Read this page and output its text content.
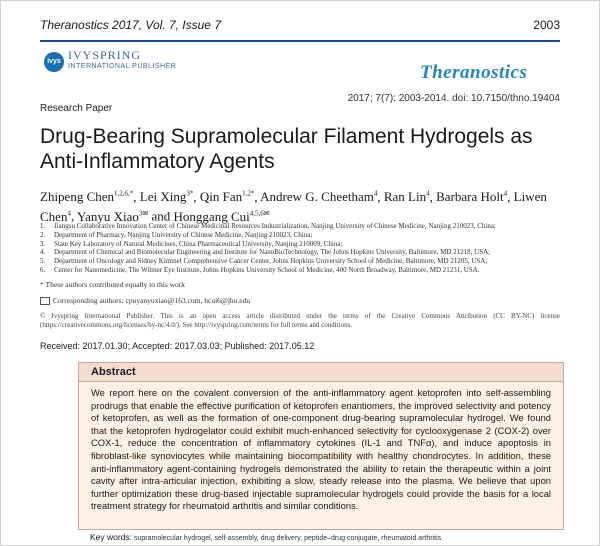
Theranostics 2017, Vol. 7, Issue 7	2003
ivys IVYSPRING
INTERNATIONAL PUBLISHER	Theranostics
2017; 7(7): 2003-2014. doi: 10.7150/thno.19404
Research Paper
Drug-Bearing Supramolecular Filament Hydrogels as Anti-Inflammatory Agents
Zhipeng Chen$^{1,2,6,*}$, Lei Xing$^{3*}$, Qin Fan$^{1,2*}$, Andrew G. Cheetham$^4$, Ran Lin$^4$, Barbara Holt$^4$, Liwen Chen$^4$, Yanyu Xiao$^{3✉}$ and Honggang Cui$^{4,5,6✉}$
1.	Jiangsu Collaborative Innovation Center of Chinese Medicinal Resources Industrialization, Nanjing University of Chinese Medicine, Nanjing 210023, China;
2.	Department of Pharmacy, Nanjing University of Chinese Medicine, Nanjing 210023, China;
3.	State Key Laboratory of Natural Medicines, China Pharmaceutical University, Nanjing 210009, China;
4.	Department of Chemical and Biomolecular Engineering and Institute for NanoBioTechnology, The Johns Hopkins University, Baltimore, MD 21218, USA;
5.	Department of Oncology and Sidney Kimmel Comprehensive Cancer Center, Johns Hopkins University School of Medicine, Baltimore, MD 21205, USA;
6.	Center for Nanomedicine, The Wilmer Eye Institute, Johns Hopkins University School of Medicine, 400 North Broadway, Baltimore, MD 21231, USA.
* These authors contributed equally to this work
Corresponding authors: cpuyanyuxiao@163.com, hcui6@jhu.edu
© Ivyspring International Publisher. This is an open access article distributed under the terms of the Creative Commons Attribution (CC BY-NC) license (https://creativecommons.org/licenses/by-nc/4.0/). See http://ivyspring.com/terms for full terms and conditions.
Received: 2017.01.30; Accepted: 2017.03.03; Published: 2017.05.12
Abstract
We report here on the covalent conversion of the anti-inflammatory agent ketoprofen into self-assembling prodrugs that enable the effective purification of ketoprofen enantiomers, the improved selectivity and potency of ketoprofen, as well as the formation of one-component drug-bearing supramolecular hydrogel. We found that the ketoprofen hydrogelator could exhibit much-enhanced selectivity for cyclooxygenase 2 (COX-2) over COX-1, reduce the concentration of inflammatory cytokines (IL-1 and TNFα), and induce apoptosis in fibroblast-like synoviocytes while maintaining biocompatibility with healthy chondrocytes. In addition, these anti-inflammatory agent-containing hydrogels demonstrated the ability to retain the therapeutic within a joint cavity after intra-articular injection, exhibiting a slow, steady release into the plasma. We believe that upon further optimization these drug-based injectable supramolecular hydrogels could provide the basis for a local treatment strategy for rheumatoid arthritis and similar conditions.
Key words: supramolecular hydrogel, self-assembly, drug delivery, peptide–drug conjugate, rheumatoid arthritis.
